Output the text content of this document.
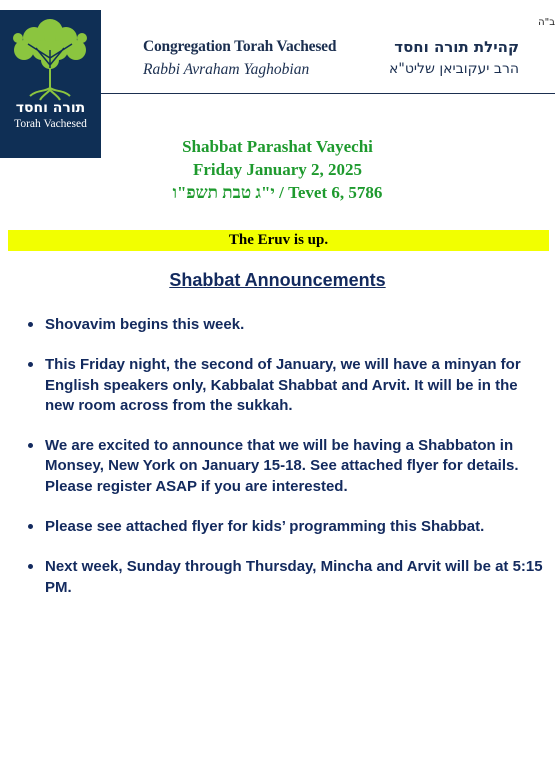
ב"ה
תורה וחסד
Torah Vachesed
Congregation Torah Vachesed
Rabbi Avraham Yaghobian
קהילת תורה וחסד
הרב יעקוביאן שליט"א
Shabbat Parashat Vayechi
Friday January 2, 2025
י"ג טבת תשפ"ו / Tevet 6, 5786
The Eruv is up.
Shabbat Announcements
Shovavim begins this week.
This Friday night, the second of January, we will have a minyan for English speakers only, Kabbalat Shabbat and Arvit. It will be in the new room across from the sukkah.
We are excited to announce that we will be having a Shabbaton in Monsey, New York on January 15-18. See attached flyer for details. Please register ASAP if you are interested.
Please see attached flyer for kids’ programming this Shabbat.
Next week, Sunday through Thursday, Mincha and Arvit will be at 5:15 PM.
